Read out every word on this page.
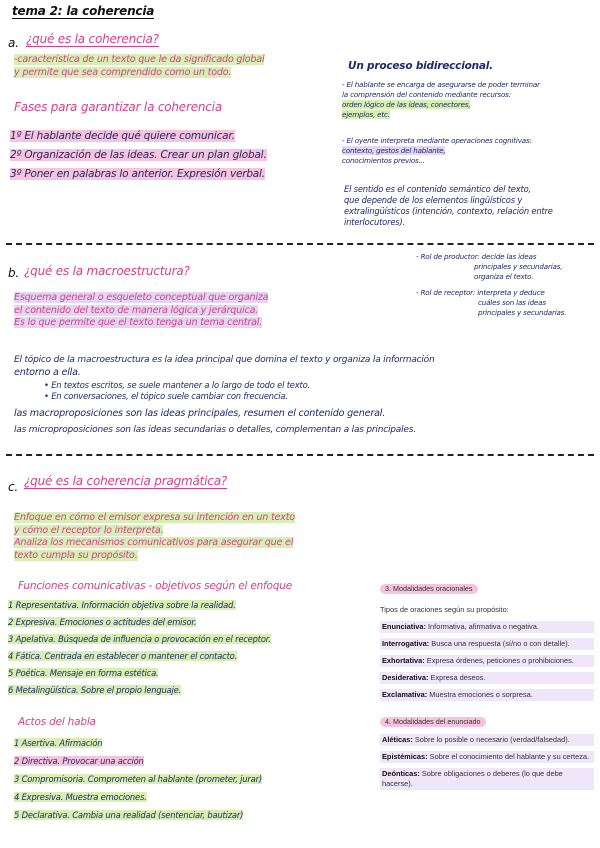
tema 2: la coherencia
a. ¿qué es la coherencia?
-característica de un texto que le da significado global
y permite que sea comprendido como un todo.
Fases para garantizar la coherencia
1º El hablante decide qué quiere comunicar.
2º Organización de las ideas. Crear un plan global.
3º Poner en palabras lo anterior. Expresión verbal.
Un proceso bidireccional.
- El hablante se encarga de asegurarse de poder terminar
la comprensión del contenido mediante recursos:
orden lógico de las ideas, conectores,
ejemplos, etc.
- El oyente interpreta mediante operaciones cognitivas:
contexto, gestos del hablante,
conocimientos previos...
El sentido es el contenido semántico del texto,
que depende de los elementos lingüísticos y
extralingüísticos (intención, contexto, relación entre
interlocutores).
b. ¿qué es la macroestructura?
- Rol de productor: decide las ideas
principales y secundarias,
organiza el texto.
- Rol de receptor: interpreta y deduce
cuáles son las ideas
principales y secundarias.
Esquema general o esqueleto conceptual que organiza
el contenido del texto de manera lógica y jerárquica.
Es lo que permite que el texto tenga un tema central.
El tópico de la macroestructura es la idea principal que domina el texto y organiza la información
entorno a ella.
• En textos escritos, se suele mantener a lo largo de todo el texto.
• En conversaciones, el tópico suele cambiar con frecuencia.
las macroproposiciones son las ideas principales, resumen el contenido general.
las microproposiciones son las ideas secundarias o detalles, complementan a las principales.
c. ¿qué es la coherencia pragmática?
Enfoque en cómo el emisor expresa su intención en un texto
y cómo el receptor lo interpreta.
Analiza los mecanismos comunicativos para asegurar que el
texto cumpla su propósito.
Funciones comunicativas - objetivos según el enfoque
1 Representativa. Información objetiva sobre la realidad.
2 Expresiva. Emociones o actitudes del emisor.
3 Apelativa. Búsqueda de influencia o provocación en el receptor.
4 Fática. Centrada en establecer o mantener el contacto.
5 Poética. Mensaje en forma estética.
6 Metalingüística. Sobre el propio lenguaje.
Actos del habla
1 Asertiva. Afirmación
2 Directiva. Provocar una acción
3 Compromisoria. Comprometen al hablante (prometer, jurar)
4 Expresiva. Muestra emociones.
5 Declarativa. Cambia una realidad (sentenciar, bautizar)
3. Modalidades oracionales
Tipos de oraciones según su propósito:
Enunciativa: Informativa, afirmativa o negativa.
Interrogativa: Busca una respuesta (sí/no o con detalle).
Exhortativa: Expresa órdenes, peticiones o prohibiciones.
Desiderativa: Expresa deseos.
Exclamativa: Muestra emociones o sorpresa.
4. Modalidades del enunciado
Aléticas: Sobre lo posible o necesario (verdad/falsedad).
Epistémicas: Sobre el conocimiento del hablante y su certeza.
Deónticas: Sobre obligaciones o deberes (lo que debe hacerse).
